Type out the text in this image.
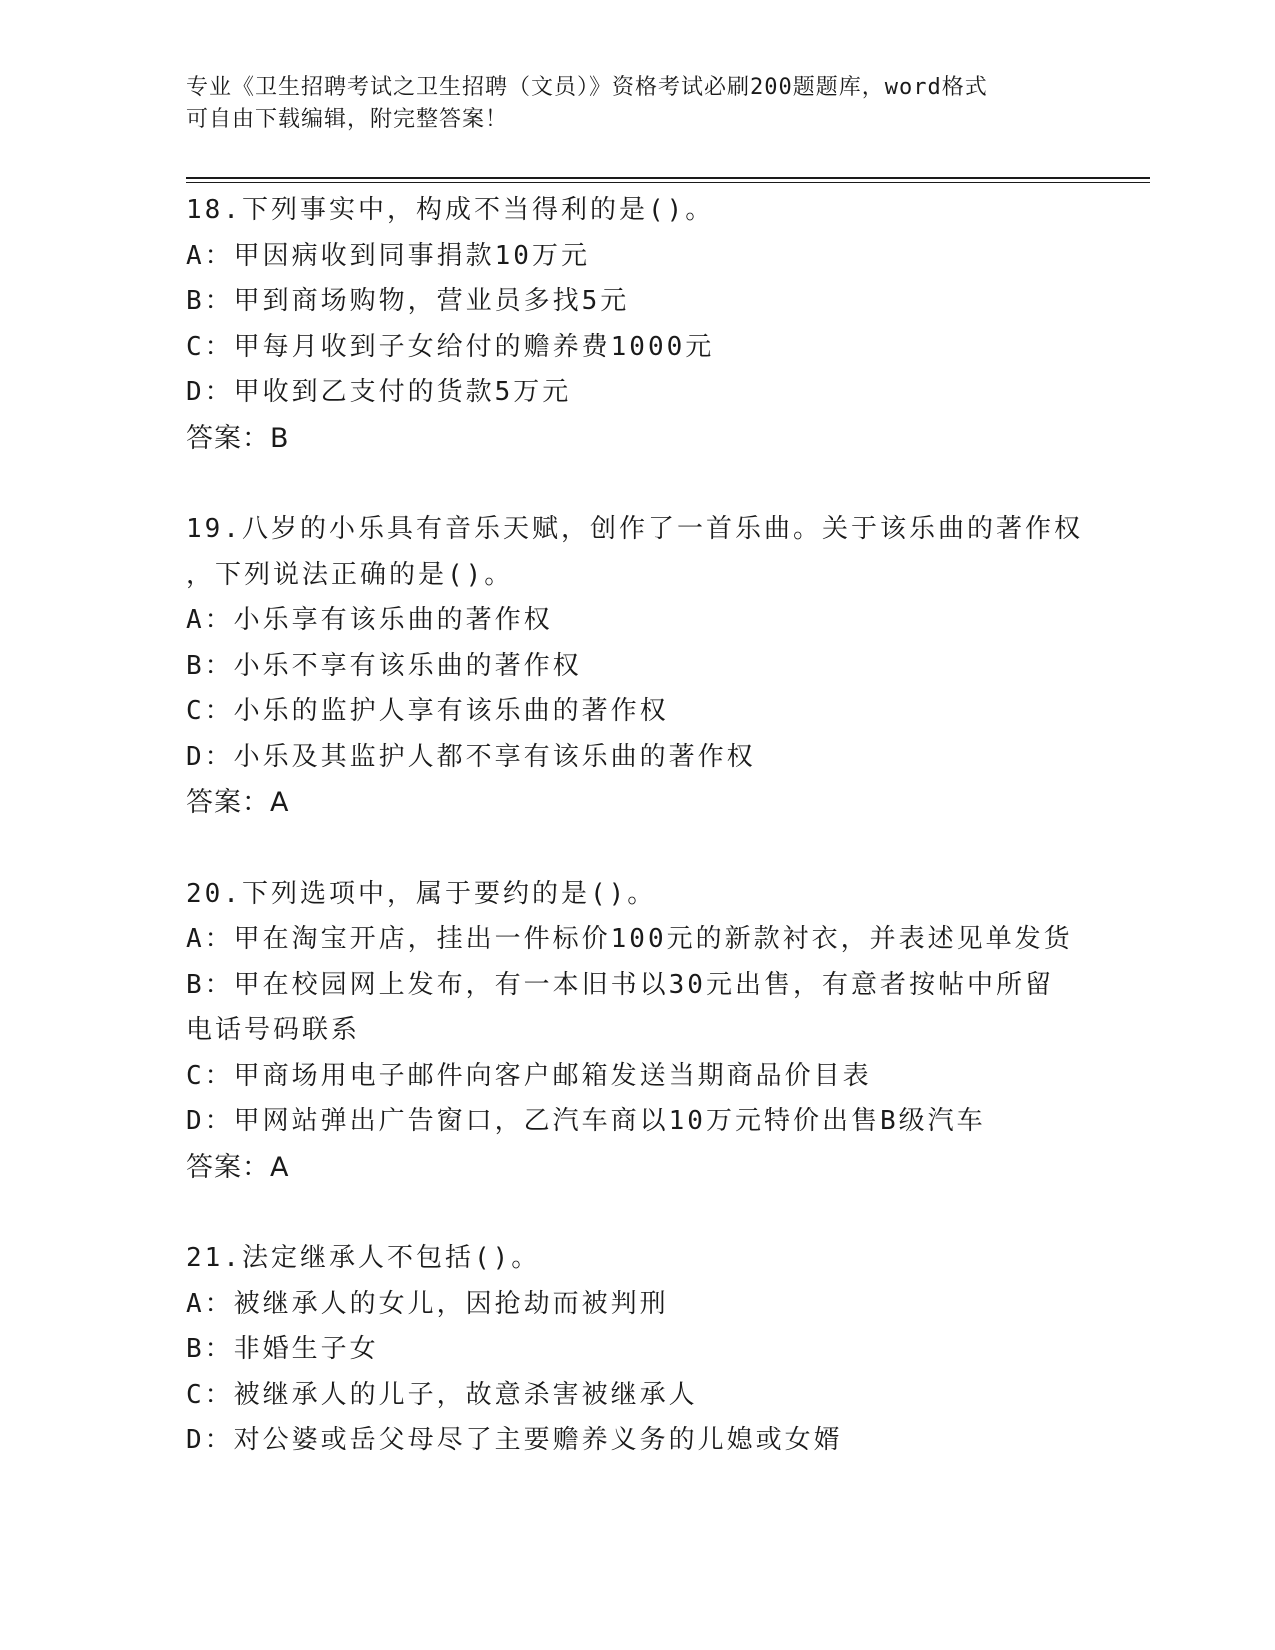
专业《卫生招聘考试之卫生招聘（文员）》资格考试必刷200题题库，word格式
可自由下载编辑，附完整答案！
18.下列事实中，构成不当得利的是()。
A：甲因病收到同事捐款10万元
B：甲到商场购物，营业员多找5元
C：甲每月收到子女给付的赡养费1000元
D：甲收到乙支付的货款5万元
答案：B
19.八岁的小乐具有音乐天赋，创作了一首乐曲。关于该乐曲的著作权
，下列说法正确的是()。
A：小乐享有该乐曲的著作权
B：小乐不享有该乐曲的著作权
C：小乐的监护人享有该乐曲的著作权
D：小乐及其监护人都不享有该乐曲的著作权
答案：A
20.下列选项中，属于要约的是()。
A：甲在淘宝开店，挂出一件标价100元的新款衬衣，并表述见单发货
B：甲在校园网上发布，有一本旧书以30元出售，有意者按帖中所留
电话号码联系
C：甲商场用电子邮件向客户邮箱发送当期商品价目表
D：甲网站弹出广告窗口，乙汽车商以10万元特价出售B级汽车
答案：A
21.法定继承人不包括()。
A：被继承人的女儿，因抢劫而被判刑
B：非婚生子女
C：被继承人的儿子，故意杀害被继承人
D：对公婆或岳父母尽了主要赡养义务的儿媳或女婿
